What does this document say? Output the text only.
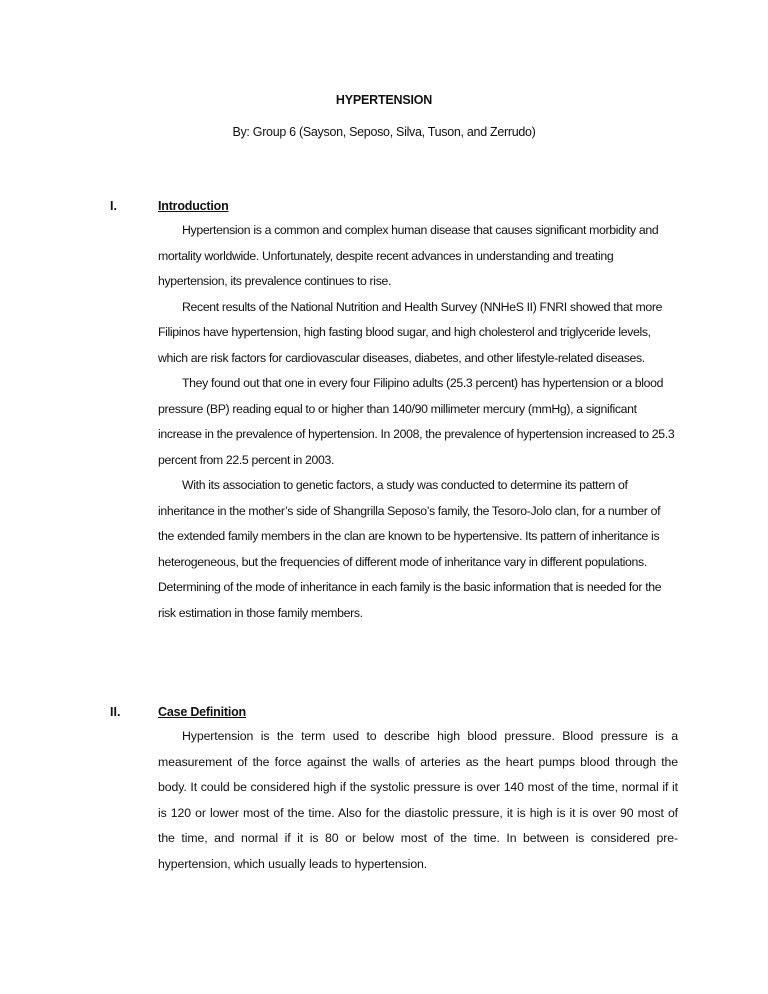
HYPERTENSION
By: Group 6 (Sayson, Seposo, Silva, Tuson, and Zerrudo)
I.	Introduction

Hypertension is a common and complex human disease that causes significant morbidity and mortality worldwide. Unfortunately, despite recent advances in understanding and treating hypertension, its prevalence continues to rise.

Recent results of the National Nutrition and Health Survey (NNHeS II) FNRI showed that more Filipinos have hypertension, high fasting blood sugar, and high cholesterol and triglyceride levels, which are risk factors for cardiovascular diseases, diabetes, and other lifestyle-related diseases.

They found out that one in every four Filipino adults (25.3 percent) has hypertension or a blood pressure (BP) reading equal to or higher than 140/90 millimeter mercury (mmHg), a significant increase in the prevalence of hypertension. In 2008, the prevalence of hypertension increased to 25.3 percent from 22.5 percent in 2003.

With its association to genetic factors, a study was conducted to determine its pattern of inheritance in the mother’s side of Shangrilla Seposo’s family, the Tesoro-Jolo clan, for a number of the extended family members in the clan are known to be hypertensive. Its pattern of inheritance is heterogeneous, but the frequencies of different mode of inheritance vary in different populations. Determining of the mode of inheritance in each family is the basic information that is needed for the risk estimation in those family members.

II.	Case Definition

Hypertension is the term used to describe high blood pressure. Blood pressure is a measurement of the force against the walls of arteries as the heart pumps blood through the body. It could be considered high if the systolic pressure is over 140 most of the time, normal if it is 120 or lower most of the time. Also for the diastolic pressure, it is high is it is over 90 most of the time, and normal if it is 80 or below most of the time. In between is considered pre-hypertension, which usually leads to hypertension.
